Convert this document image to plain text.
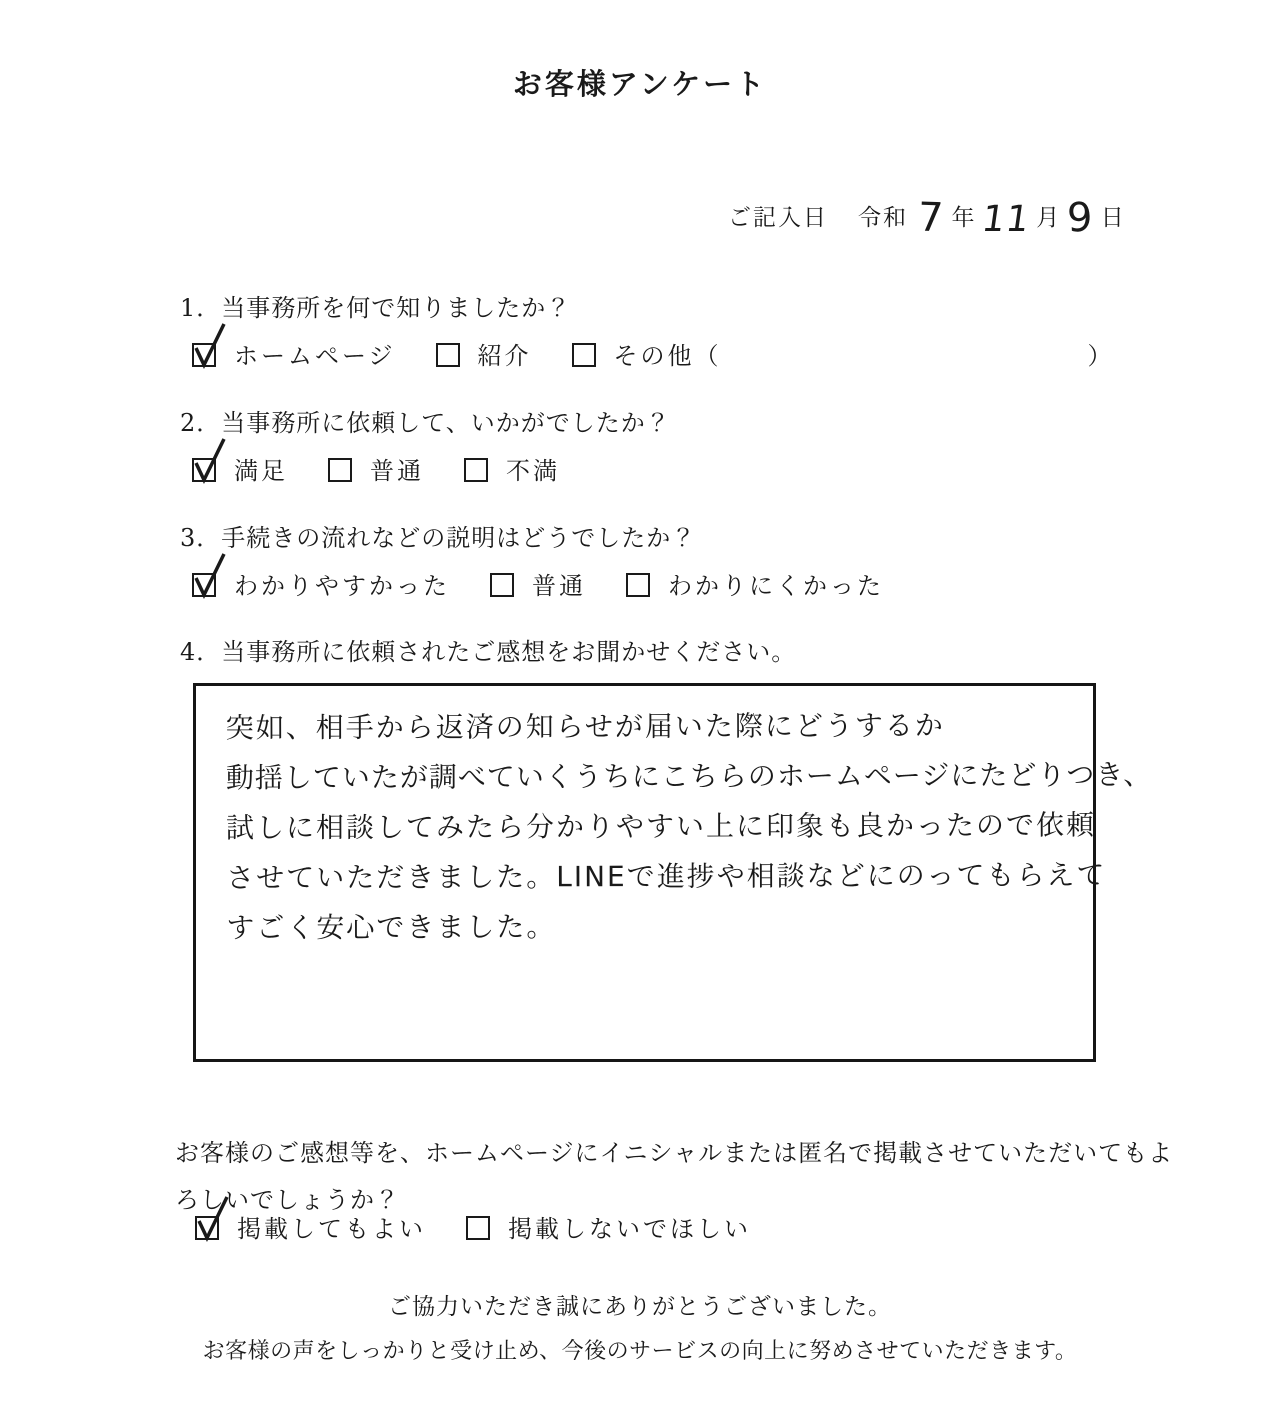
お客様アンケート
ご記入日 令和 7 年 11 月 9 日
1．当事務所を何で知りましたか？
ホームページ	紹介	その他（	）
2．当事務所に依頼して、いかがでしたか？
満足	普通	不満
3．手続きの流れなどの説明はどうでしたか？
わかりやすかった	普通	わかりにくかった
4．当事務所に依頼されたご感想をお聞かせください。
突如、相手から返済の知らせが届いた際にどうするか
動揺していたが調べていくうちにこちらのホームページにたどりつき、
試しに相談してみたら分かりやすい上に印象も良かったので依頼
させていただきました。LINEで進捗や相談などにのってもらえて
すごく安心できました。
お客様のご感想等を、ホームページにイニシャルまたは匿名で掲載させていただいてもよ
ろしいでしょうか？
掲載してもよい	掲載しないでほしい
ご協力いただき誠にありがとうございました。
お客様の声をしっかりと受け止め、今後のサービスの向上に努めさせていただきます。
